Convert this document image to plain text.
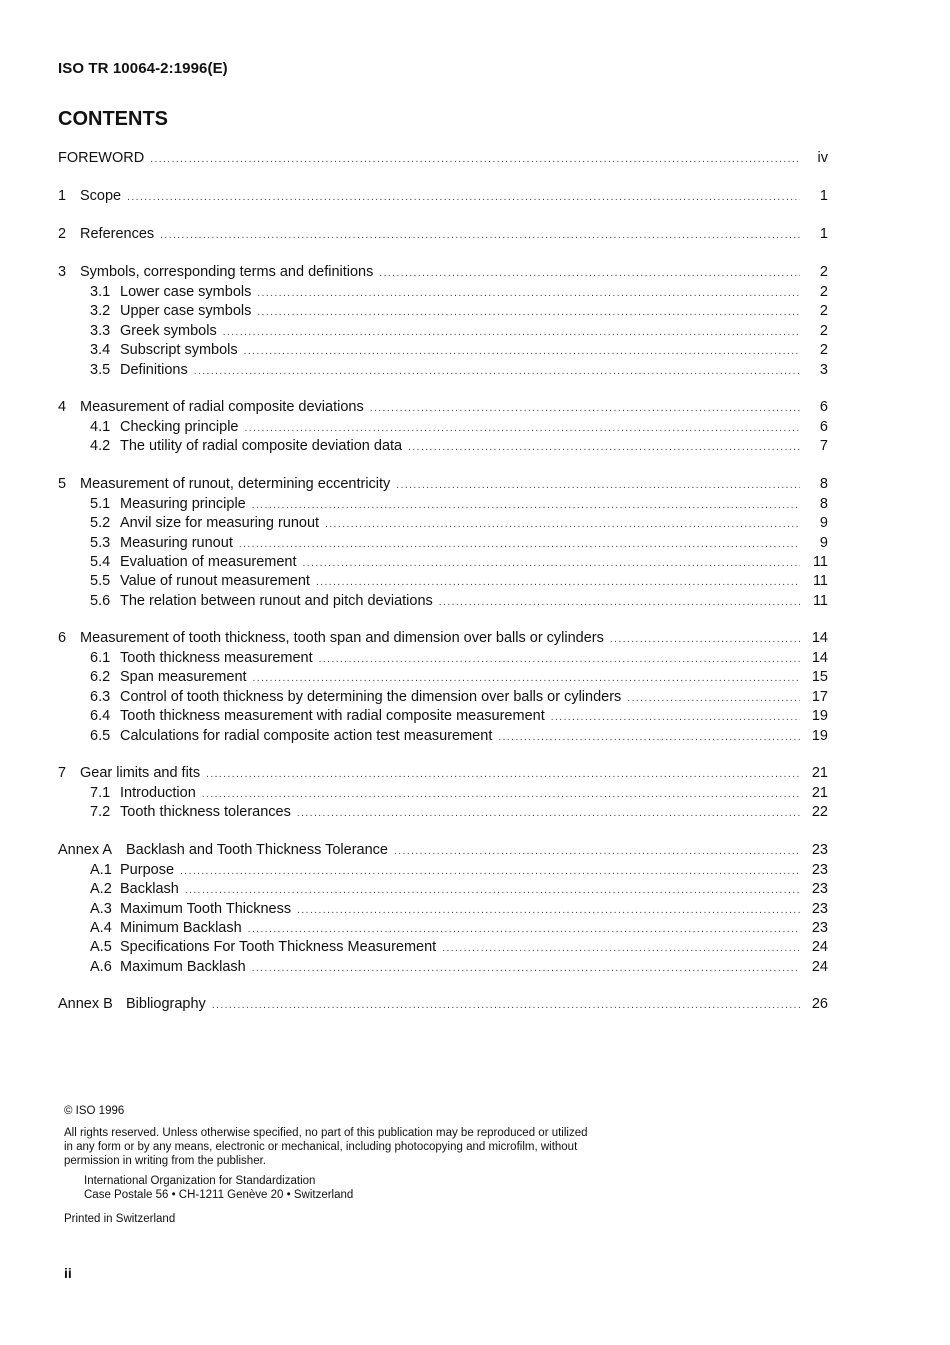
ISO TR 10064-2:1996(E)
CONTENTS
FOREWORD .....	iv
1 Scope .....	1
2 References .....	1
3 Symbols, corresponding terms and definitions .....	2
3.1 Lower case symbols .....	2
3.2 Upper case symbols .....	2
3.3 Greek symbols .....	2
3.4 Subscript symbols .....	2
3.5 Definitions .....	3
4 Measurement of radial composite deviations .....	6
4.1 Checking principle .....	6
4.2 The utility of radial composite deviation data .....	7
5 Measurement of runout, determining eccentricity .....	8
5.1 Measuring principle .....	8
5.2 Anvil size for measuring runout .....	9
5.3 Measuring runout .....	9
5.4 Evaluation of measurement .....	11
5.5 Value of runout measurement .....	11
5.6 The relation between runout and pitch deviations .....	11
6 Measurement of tooth thickness, tooth span and dimension over balls or cylinders .....	14
6.1 Tooth thickness measurement .....	14
6.2 Span measurement .....	15
6.3 Control of tooth thickness by determining the dimension over balls or cylinders .....	17
6.4 Tooth thickness measurement with radial composite measurement .....	19
6.5 Calculations for radial composite action test measurement .....	19
7 Gear limits and fits .....	21
7.1 Introduction .....	21
7.2 Tooth thickness tolerances .....	22
Annex A Backlash and Tooth Thickness Tolerance .....	23
A.1 Purpose .....	23
A.2 Backlash .....	23
A.3 Maximum Tooth Thickness .....	23
A.4 Minimum Backlash .....	23
A.5 Specifications For Tooth Thickness Measurement .....	24
A.6 Maximum Backlash .....	24
Annex B Bibliography .....	26
© ISO 1996
All rights reserved. Unless otherwise specified, no part of this publication may be reproduced or utilized in any form or by any means, electronic or mechanical, including photocopying and microfilm, without permission in writing from the publisher.
International Organization for Standardization
Case Postale 56 • CH-1211 Genève 20 • Switzerland
Printed in Switzerland
ii
